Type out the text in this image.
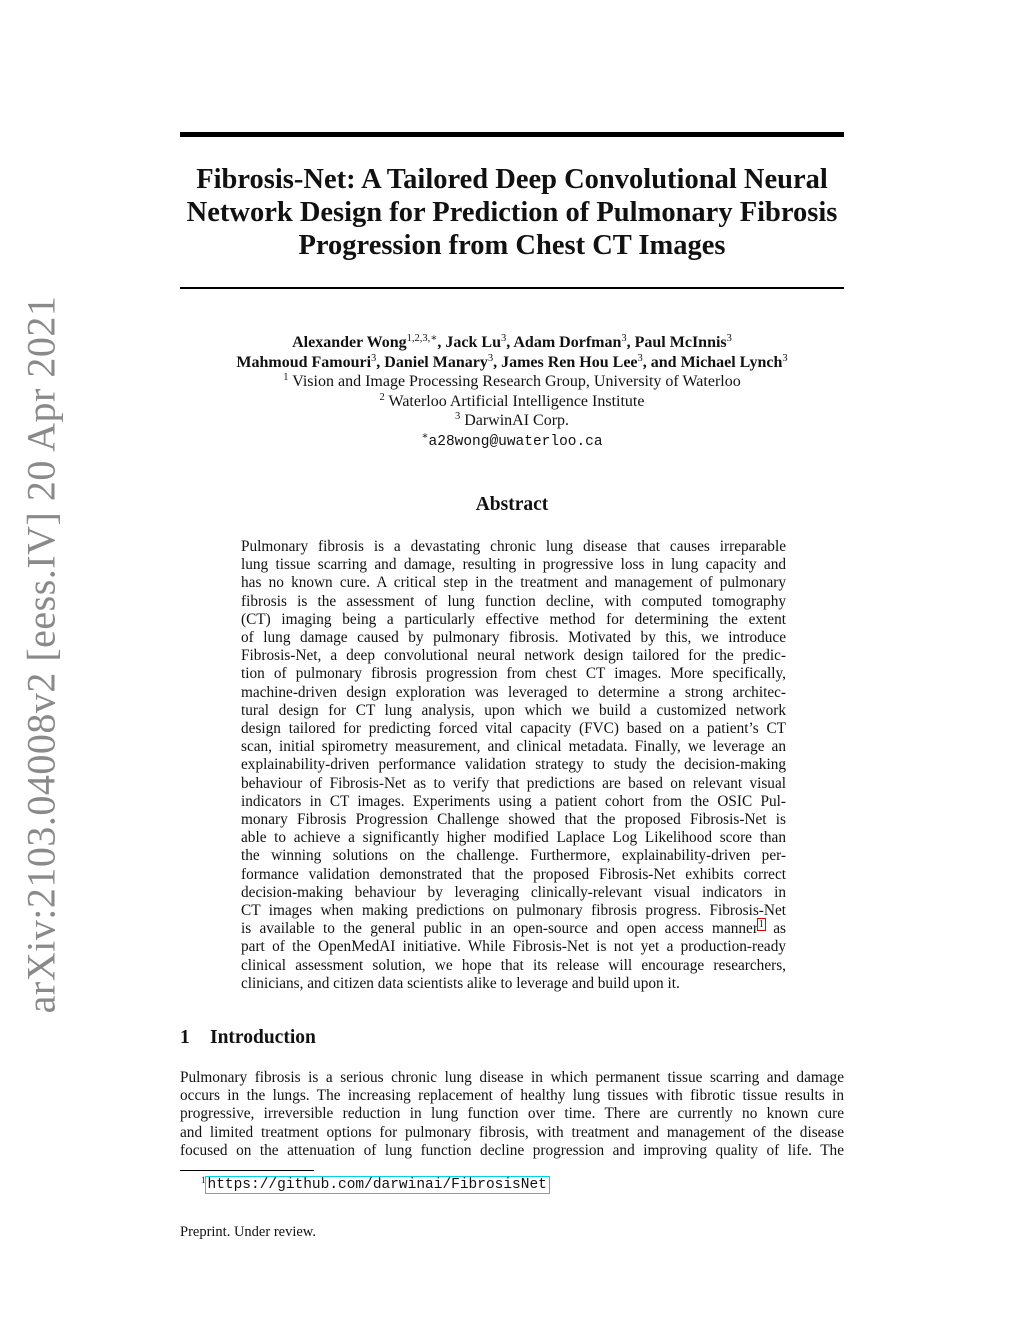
arXiv:2103.04008v2 [eess.IV] 20 Apr 2021
Fibrosis-Net: A Tailored Deep Convolutional Neural
Network Design for Prediction of Pulmonary Fibrosis
Progression from Chest CT Images
Alexander Wong$^{1,2,3,∗}$, Jack Lu$^3$, Adam Dorfman$^3$, Paul McInnis$^3$
Mahmoud Famouri$^3$, Daniel Manary$^3$, James Ren Hou Lee$^3$, and Michael Lynch$^3$
$^1$ Vision and Image Processing Research Group, University of Waterloo
$^2$ Waterloo Artificial Intelligence Institute
$^3$ DarwinAI Corp.
∗a28wong@uwaterloo.ca
Abstract
Pulmonary fibrosis is a devastating chronic lung disease that causes irreparable
lung tissue scarring and damage, resulting in progressive loss in lung capacity and
has no known cure. A critical step in the treatment and management of pulmonary
fibrosis is the assessment of lung function decline, with computed tomography
(CT) imaging being a particularly effective method for determining the extent
of lung damage caused by pulmonary fibrosis. Motivated by this, we introduce
Fibrosis-Net, a deep convolutional neural network design tailored for the predic-
tion of pulmonary fibrosis progression from chest CT images. More specifically,
machine-driven design exploration was leveraged to determine a strong architec-
tural design for CT lung analysis, upon which we build a customized network
design tailored for predicting forced vital capacity (FVC) based on a patient’s CT
scan, initial spirometry measurement, and clinical metadata. Finally, we leverage an
explainability-driven performance validation strategy to study the decision-making
behaviour of Fibrosis-Net as to verify that predictions are based on relevant visual
indicators in CT images. Experiments using a patient cohort from the OSIC Pul-
monary Fibrosis Progression Challenge showed that the proposed Fibrosis-Net is
able to achieve a significantly higher modified Laplace Log Likelihood score than
the winning solutions on the challenge. Furthermore, explainability-driven per-
formance validation demonstrated that the proposed Fibrosis-Net exhibits correct
decision-making behaviour by leveraging clinically-relevant visual indicators in
CT images when making predictions on pulmonary fibrosis progress. Fibrosis-Net
is available to the general public in an open-source and open access manner$^1$ as
part of the OpenMedAI initiative. While Fibrosis-Net is not yet a production-ready
clinical assessment solution, we hope that its release will encourage researchers,
clinicians, and citizen data scientists alike to leverage and build upon it.
1 Introduction
Pulmonary fibrosis is a serious chronic lung disease in which permanent tissue scarring and damage
occurs in the lungs. The increasing replacement of healthy lung tissues with fibrotic tissue results in
progressive, irreversible reduction in lung function over time. There are currently no known cure
and limited treatment options for pulmonary fibrosis, with treatment and management of the disease
focused on the attenuation of lung function decline progression and improving quality of life. The
$^1$ https://github.com/darwinai/FibrosisNet
Preprint. Under review.
